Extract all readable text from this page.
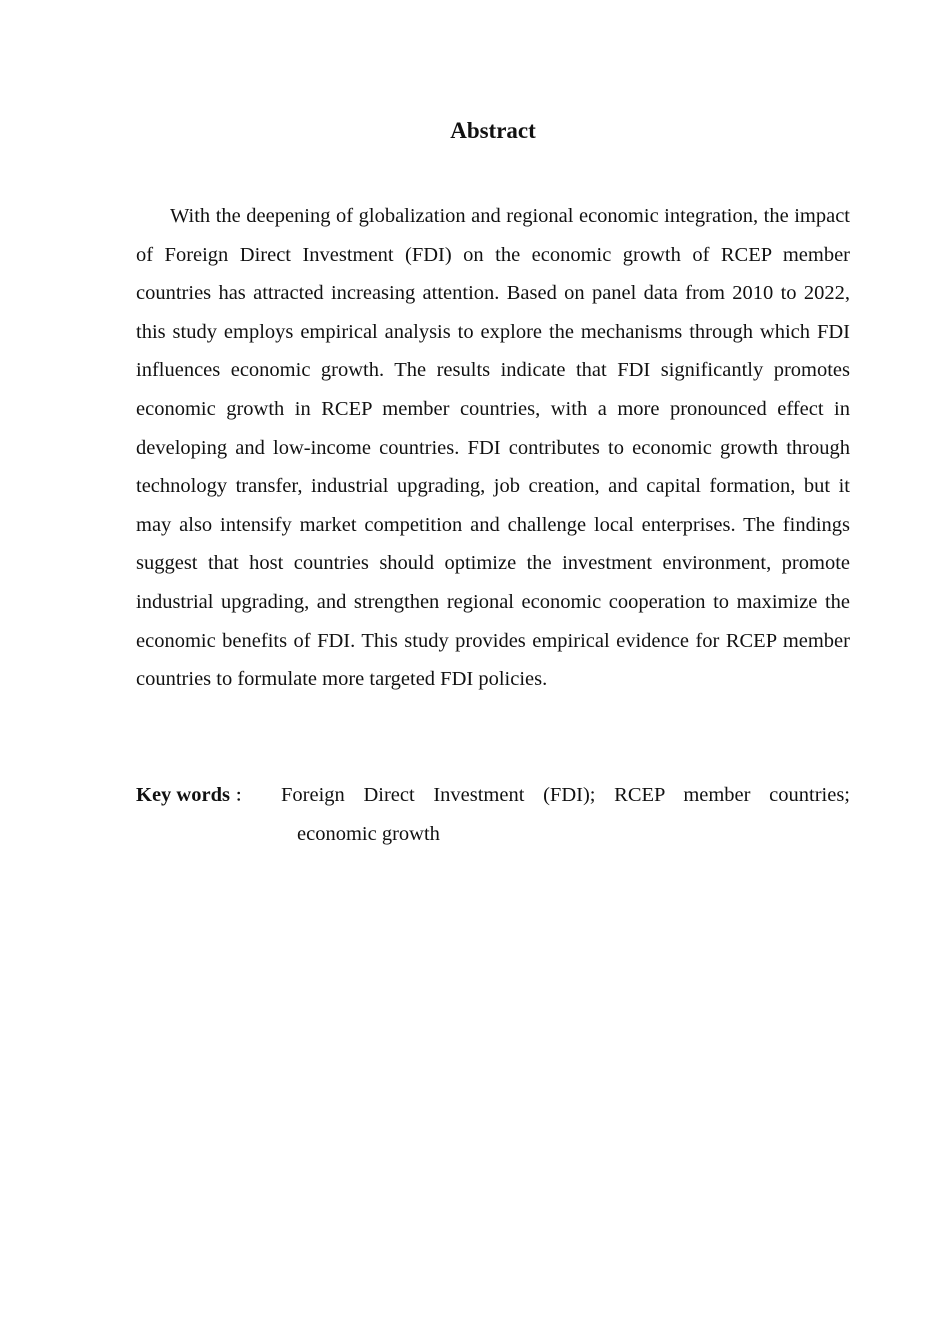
Abstract

With the deepening of globalization and regional economic integration, the impact of Foreign Direct Investment (FDI) on the economic growth of RCEP member countries has attracted increasing attention. Based on panel data from 2010 to 2022, this study employs empirical analysis to explore the mechanisms through which FDI influences economic growth. The results indicate that FDI significantly promotes economic growth in RCEP member countries, with a more pronounced effect in developing and low-income countries. FDI contributes to economic growth through technology transfer, industrial upgrading, job creation, and capital formation, but it may also intensify market competition and challenge local enterprises. The findings suggest that host countries should optimize the investment environment, promote industrial upgrading, and strengthen regional economic cooperation to maximize the economic benefits of FDI. This study provides empirical evidence for RCEP member countries to formulate more targeted FDI policies.

Key words ： Foreign Direct Investment (FDI); RCEP member countries; economic growth
